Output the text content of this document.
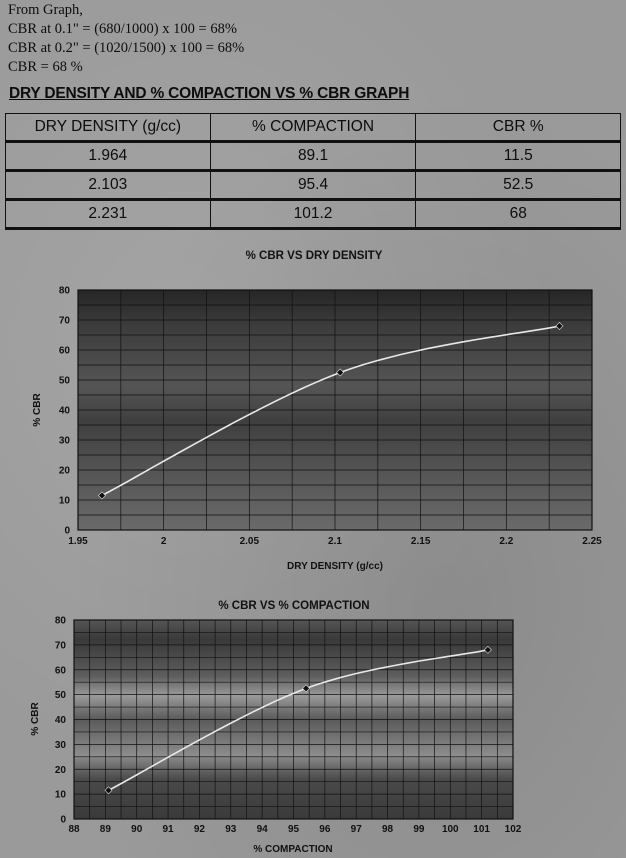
From Graph,
CBR at 0.1" = (680/1000) x 100 = 68%
CBR at 0.2" = (1020/1500) x 100 = 68%
CBR = 68 %
DRY DENSITY AND % COMPACTION VS % CBR GRAPH
DRY DENSITY (g/cc)	% COMPACTION	CBR %
1.964	89.1	11.5
2.103	95.4	52.5
2.231	101.2	68
% CBR VS DRY DENSITY
1.95	2	2.05	2.1	2.15	2.2	2.25
0
10
20
30
40
50
60
70
80
DRY DENSITY (g/cc)
% CBR
% CBR VS % COMPACTION
88 89 90 91 92 93 94 95 96 97 98 99 100 101 102
0
10
20
30
40
50
60
70
80
% COMPACTION
% CBR
